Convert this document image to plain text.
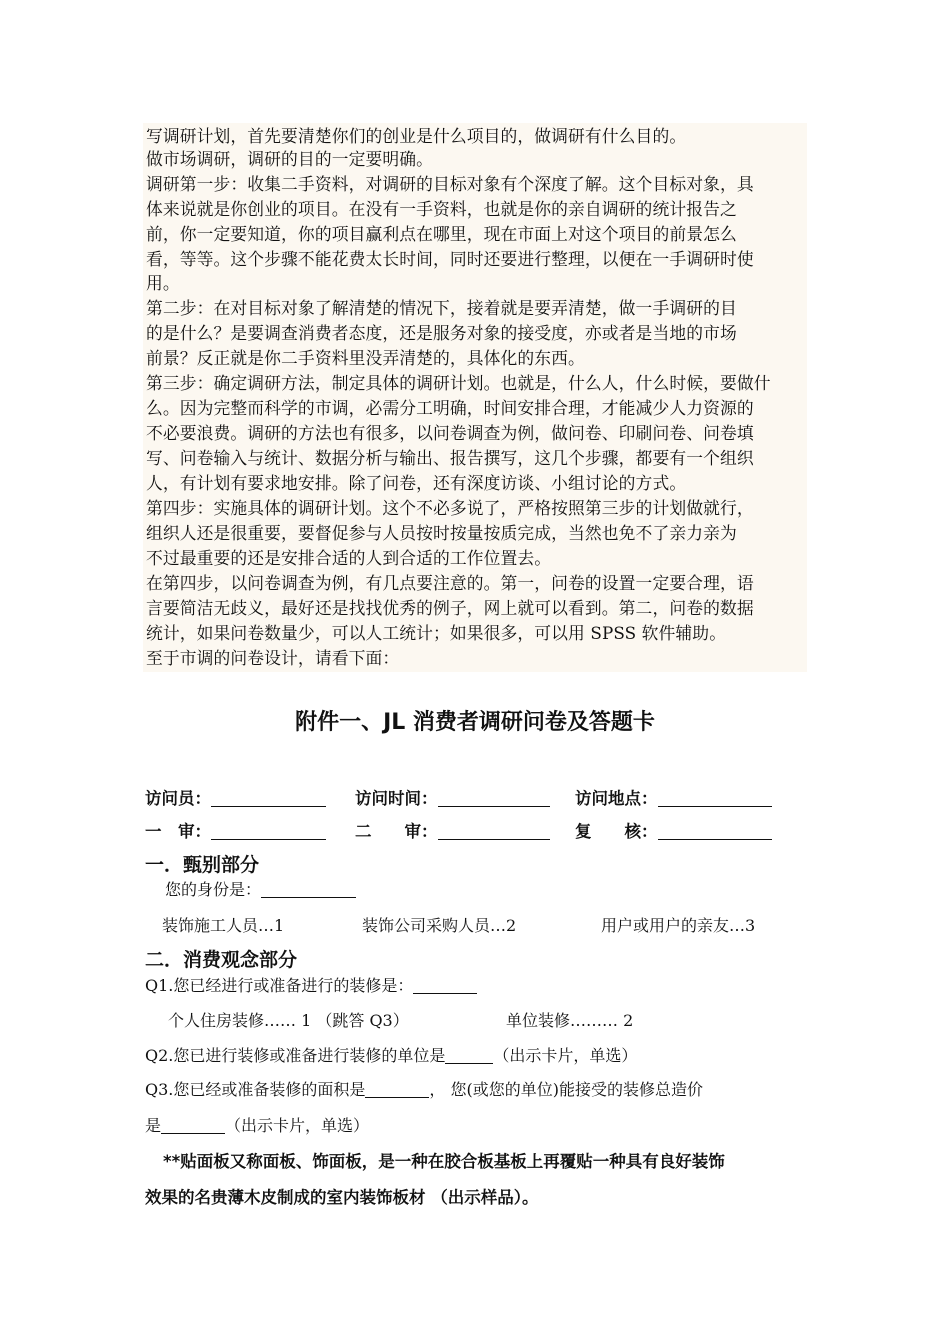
写调研计划，首先要清楚你们的创业是什么项目的，做调研有什么目的。
做市场调研，调研的目的一定要明确。
调研第一步：收集二手资料，对调研的目标对象有个深度了解。这个目标对象，具
体来说就是你创业的项目。在没有一手资料，也就是你的亲自调研的统计报告之
前，你一定要知道，你的项目赢利点在哪里，现在市面上对这个项目的前景怎么
看，等等。这个步骤不能花费太长时间，同时还要进行整理，以便在一手调研时使
用。
第二步：在对目标对象了解清楚的情况下，接着就是要弄清楚，做一手调研的目
的是什么？是要调查消费者态度，还是服务对象的接受度，亦或者是当地的市场
前景？反正就是你二手资料里没弄清楚的，具体化的东西。
第三步：确定调研方法，制定具体的调研计划。也就是，什么人，什么时候，要做什
么。因为完整而科学的市调，必需分工明确，时间安排合理，才能减少人力资源的
不必要浪费。调研的方法也有很多，以问卷调查为例，做问卷、印刷问卷、问卷填
写、问卷输入与统计、数据分析与输出、报告撰写，这几个步骤，都要有一个组织
人，有计划有要求地安排。除了问卷，还有深度访谈、小组讨论的方式。
第四步：实施具体的调研计划。这个不必多说了，严格按照第三步的计划做就行，
组织人还是很重要，要督促参与人员按时按量按质完成，当然也免不了亲力亲为
不过最重要的还是安排合适的人到合适的工作位置去。
在第四步，以问卷调查为例，有几点要注意的。第一，问卷的设置一定要合理，语
言要简洁无歧义，最好还是找找优秀的例子，网上就可以看到。第二，问卷的数据
统计，如果问卷数量少，可以人工统计；如果很多，可以用 SPSS 软件辅助。
至于市调的问卷设计，请看下面：
附件一、JL 消费者调研问卷及答题卡
访问员：	访问时间：	访问地点：
一　审：	二　　审：	复　　核：
一．甄别部分
您的身份是：
装饰施工人员…1	装饰公司采购人员…2	用户或用户的亲友…3
二．消费观念部分
Q1.您已经进行或准备进行的装修是：
个人住房装修…… 1 （跳答 Q3）	单位装修……… 2
Q2.您已进行装修或准备进行装修的单位是	（出示卡片，单选）
Q3.您已经或准备装修的面积是	， 您(或您的单位)能接受的装修总造价
是	（出示卡片，单选）
**贴面板又称面板、饰面板，是一种在胶合板基板上再覆贴一种具有良好装饰
效果的名贵薄木皮制成的室内装饰板材 （出示样品）。
